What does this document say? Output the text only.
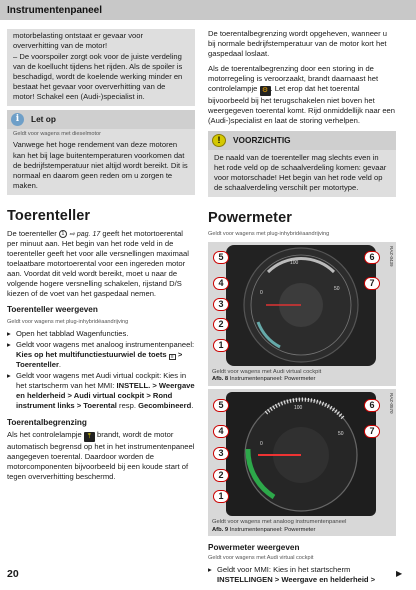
Instrumentenpaneel

motorbelasting ontstaat er gevaar voor oververhitting van de motor!

– De voorspoiler zorgt ook voor de juiste verdeling van de koellucht tijdens het rijden. Als de spoiler is beschadigd, wordt de koelende werking minder en bestaat het gevaar voor oververhitting van de motor! Schakel een (Audi-)specialist in.

i	Let op
Geldt voor wagens met dieselmotor

Vanwege het hoge rendement van deze motoren kan het bij lage buitentemperaturen voorkomen dat de bedrijfstemperatuur niet altijd wordt bereikt. Dit is normaal en daarom geen reden om u zorgen te maken.

Toerenteller

De toerenteller 1 ⇨ pag. 17 geeft het motortoerental per minuut aan. Het begin van het rode veld in de toerenteller geeft het voor alle versnellingen maximaal toelaatbare motortoerental voor een ingereden motor aan. Voordat dit veld wordt bereikt, moet u naar de volgende hogere versnelling schakelen, rijstand D/S kiezen of de voet van het gaspedaal nemen.

Toerenteller weergeven
Geldt voor wagens met plug-inhybridéaandrijving
▸ Open het tabblad Wagenfuncties.
▸ Geldt voor wagens met analoog instrumentenpaneel: Kies op het multifunctiestuurwiel de toets ≡ > Toerenteller.
▸ Geldt voor wagens met Audi virtual cockpit: Kies in het startscherm van het MMI: INSTELL. > Weergave en helderheid > Audi virtual cockpit > Rond instrument links > Toerental resp. Gecombineerd.
Toerentalbegrenzing

Als het controlelampje ⤒ brandt, wordt de motor automatisch begrensd op het in het instrumentenpaneel aangegeven toerental. Daardoor worden de motorcomponenten bijvoorbeeld bij een koude start of tegen oververhitting beschermd.

De toerentalbegrenzing wordt opgeheven, wanneer u bij normale bedrijfstemperatuur van de motor kort het gaspedaal loslaat.

Als de toerentalbegrenzing door een storing in de motorregeling is veroorzaakt, brandt daarnaast het controlelampje ⚙ . Let erop dat het toerental bijvoorbeeld bij het terugschakelen niet boven het weergegeven toerental komt. Rijd onmiddellijk naar een (Audi-)specialist en laat de storing verhelpen.

!	VOORZICHTIG

De naald van de toerenteller mag slechts even in het rode veld op de schaalverdeling komen: gevaar voor motorschade! Het begin van het rode veld op de schaalverdeling verschilt per motortype.

Powermeter
Geldt voor wagens met plug-inhybridéaandrijving
RAZ-0439
100
50
0
5
4
3
2
1
6
7
Geldt voor wagens met Audi virtual cockpit
Afb. 8 Instrumentenpaneel: Powermeter
RAZ-0570
100
50
0
5
4
3
2
1
6
7
Geldt voor wagens met analoog instrumentenpaneel
Afb. 9 Instrumentenpaneel: Powermeter
Powermeter weergeven
Geldt voor wagens met Audi virtual cockpit
▸ Geldt voor MMI: Kies in het startscherm
INSTELLINGEN > Weergave en helderheid >
20	▶
